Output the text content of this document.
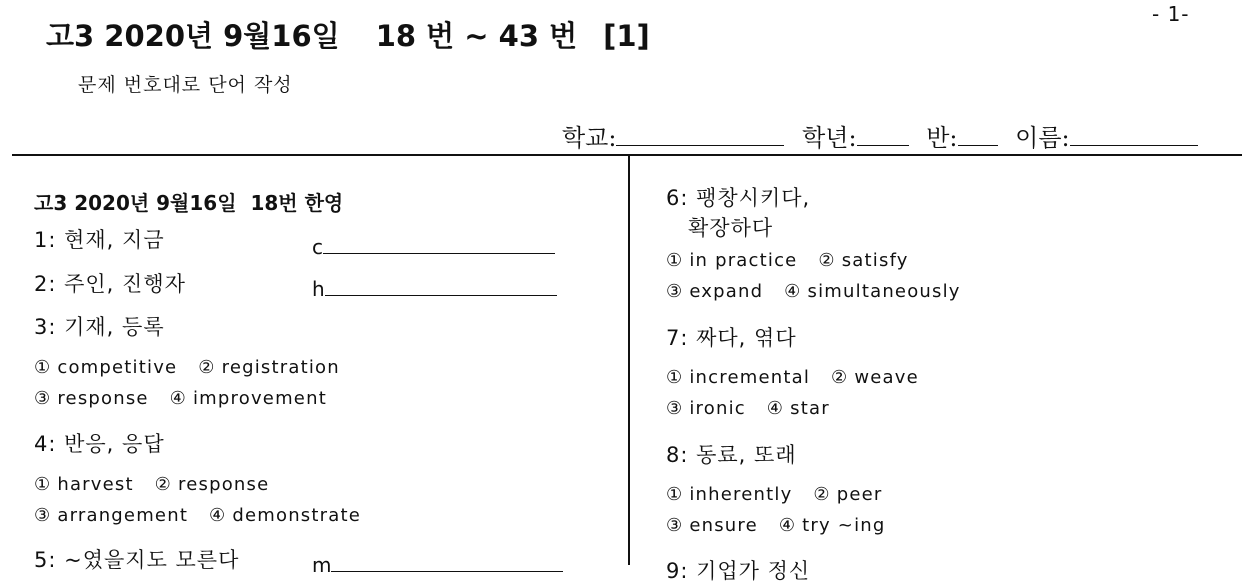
- 1-
고3 2020년 9월16일 18 번 ~ 43 번 [1]
문제 번호대로 단어 작성
학교:	학년:	반: 이름:
고3 2020년 9월16일  18번 한영
1: 현재, 지금	c
2: 주인, 진행자	h
3: 기재, 등록
① competitive ② registration
③ response ④ improvement
4: 반응, 응답
① harvest ② response
③ arrangement ④ demonstrate
5: ~였을지도 모른다	m
6: 팽창시키다,
확장하다
① in practice ② satisfy
③ expand ④ simultaneously
7: 짜다, 엮다
① incremental ② weave
③ ironic ④ star
8: 동료, 또래
① inherently ② peer
③ ensure ④ try ~ing
9: 기업가 정신
